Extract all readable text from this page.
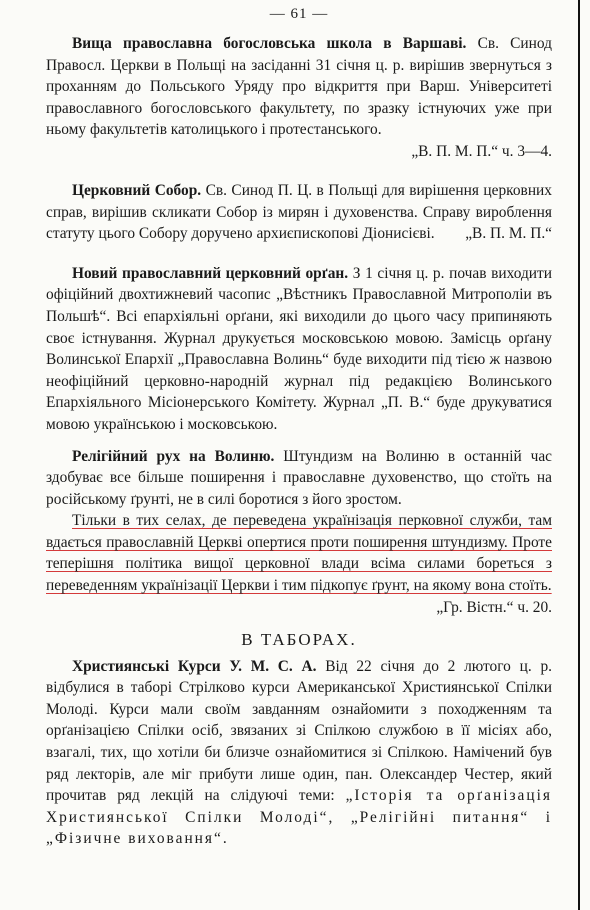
— 61 —

Вища православна богословська школа в Варшаві. Св. Синод Правосл. Церкви в Польщі на засіданні 31 січня ц. р. вирішив звернуться з проханням до Польського Уряду про відкриття при Варш. Університеті православного богословського факультету, по зразку істнуючих уже при ньому факультетів католицького і протестанського.

„В. П. М. П.“ ч. 3—4.

Церковний Собор. Св. Синод П. Ц. в Польщі для вирішення церковних справ, вирішив скликати Собор із мирян і духовенства. Справу вироблення статуту цього Собору доручено архиєпископові Діонисієві.	„В. П. М. П.“

Новий православний церковний орґан. З 1 січня ц. р. почав виходити офіційний двохтижневий часопис „Вѣстникъ Православной Митрополіи въ Польшѣ“. Всі епархіяльні орґани, які виходили до цього часу припиняють своє істнування. Журнал друкується московською мовою. Замісць орґану Волинської Епархії „Православна Волинь“ буде виходити під тією ж назвою неофіційний церковно-народній журнал під редакцією Волинського Епархіяльного Місіонерського Комітету. Журнал „П. В.“ буде друкуватися мовою українською і московською.

Релігійний рух на Волиню. Штундизм на Волиню в останній час здобуває все більше поширення і православне духовенство, що стоїть на російському ґрунті, не в силі боротися з його зростом.

Тільки в тих селах, де переведена українізація перковної служби, там вдається православній Церкві опертися проти поширення штундизму. Проте теперішня політика вищої церковної влади всіма силами бореться з переведенням українізації Церкви і тим підкопує ґрунт, на якому вона стоїть.

„Гр. Вістн.“ ч. 20.
В ТАБОРАХ.

Християнські Курси У. М. С. А. Від 22 січня до 2 лютого ц. р. відбулися в таборі Стрілково курси Американської Християнської Спілки Молоді. Курси мали своїм завданням ознайомити з походженням та орґанізацією Спілки осіб, звязаних зі Спілкою службою в її місіях або, взагалі, тих, що хотіли би близче ознайомитися зі Спілкою. Намічений був ряд лекторів, але міг прибути лише один, пан. Олександер Честер, який прочитав ряд лекцій на слідуючі теми: „Історія та орґанізація Християнської Спілки Молоді“, „Релігійні питання“ і „Фізичне виховання“.
